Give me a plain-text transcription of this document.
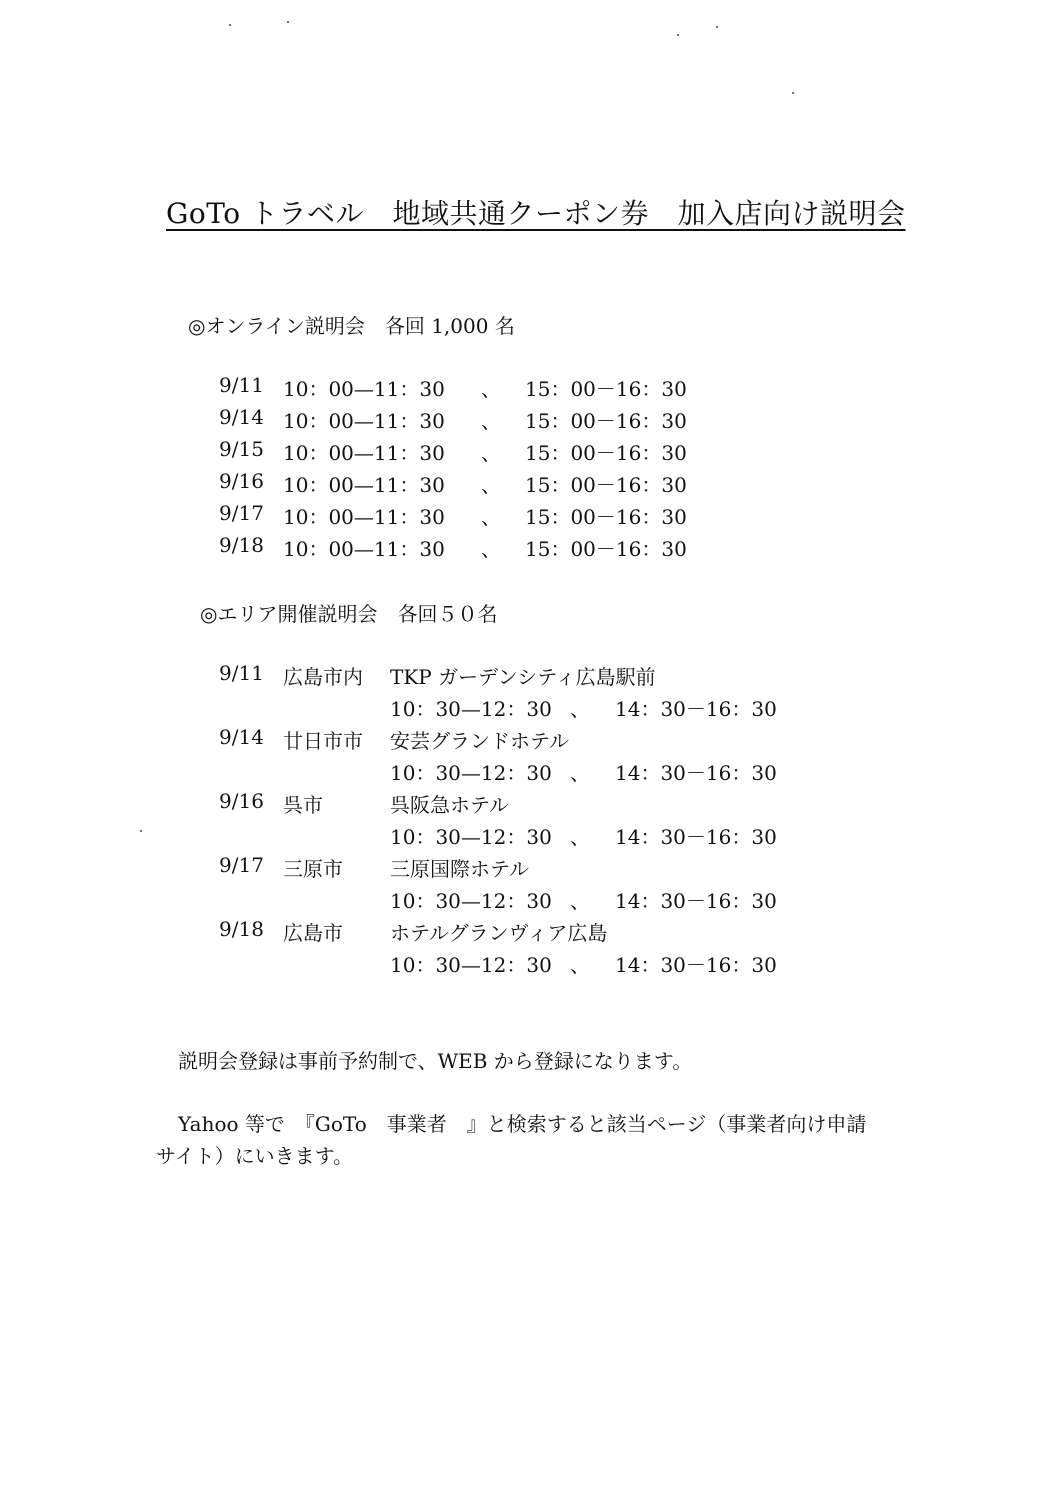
GoTo トラベル　地域共通クーポン券　加入店向け説明会
◎オンライン説明会　各回 1,000 名
9/11 10：00—11：30 、 15：00－16：30
9/14 10：00—11：30 、 15：00－16：30
9/15 10：00—11：30 、 15：00－16：30
9/16 10：00—11：30 、 15：00－16：30
9/17 10：00—11：30 、 15：00－16：30
9/18 10：00—11：30 、 15：00－16：30
◎エリア開催説明会　各回５０名
9/11 広島市内 TKP ガーデンシティ広島駅前
10：30—12：30 、 14：30－16：30
9/14 廿日市市 安芸グランドホテル
10：30—12：30 、 14：30－16：30
9/16 呉市	呉阪急ホテル
10：30—12：30 、 14：30－16：30
9/17 三原市 三原国際ホテル
10：30—12：30 、 14：30－16：30
9/18 広島市 ホテルグランヴィア広島
10：30—12：30 、 14：30－16：30
説明会登録は事前予約制で、WEB から登録になります。
Yahoo 等で　『GoTo　事業者　』と検索すると該当ページ（事業者向け申請
サイト）にいきます。
